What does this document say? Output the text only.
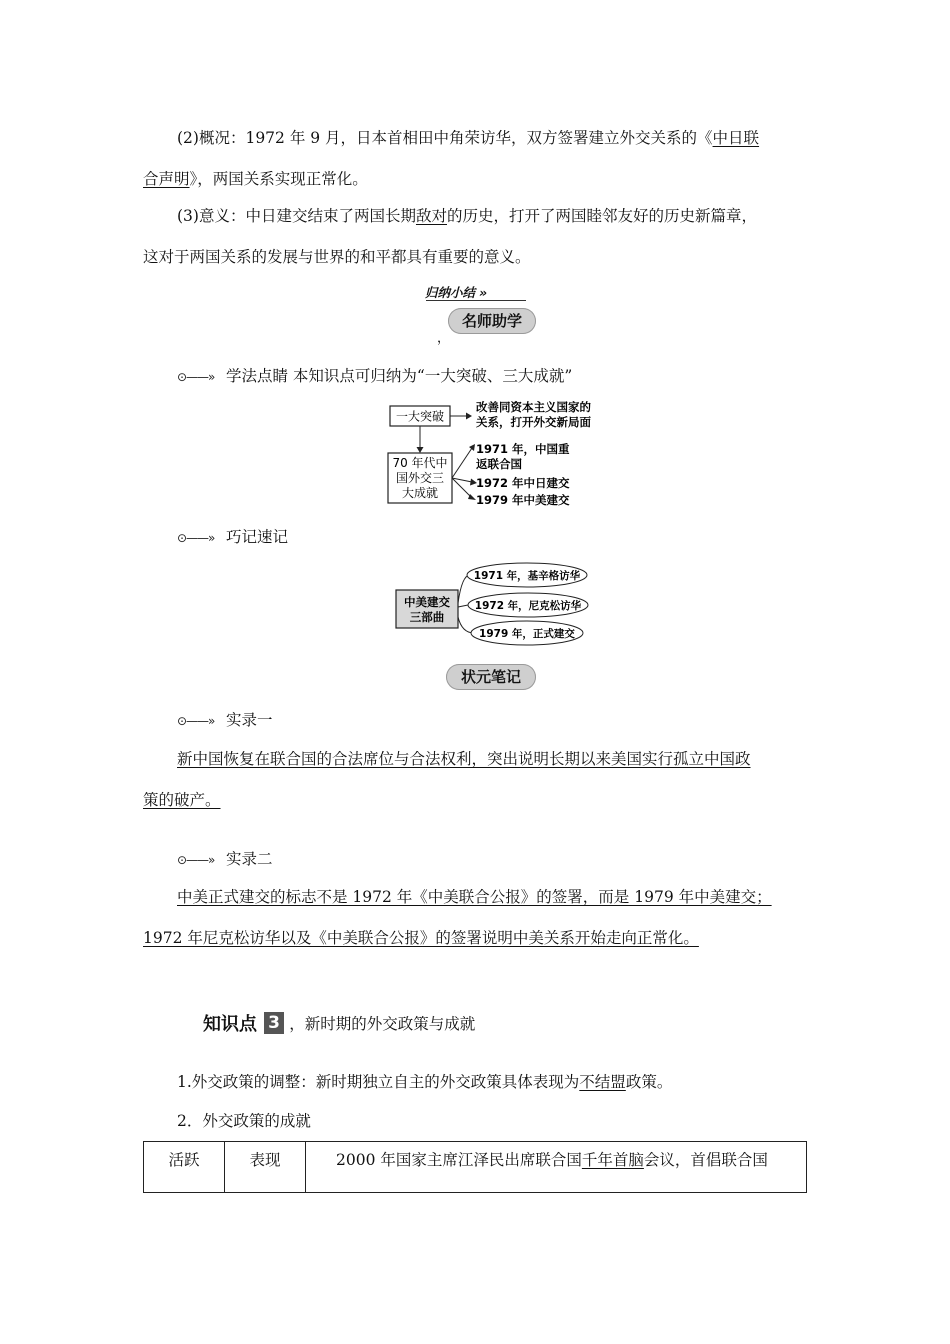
(2)概况：1972 年 9 月，日本首相田中角荣访华，双方签署建立外交关系的《中日联
合声明》，两国关系实现正常化。
(3)意义：中日建交结束了两国长期敌对的历史，打开了两国睦邻友好的历史新篇章，
这对于两国关系的发展与世界的和平都具有重要的意义。
归纳小结 »
名师助学
，
⊙——» 学法点睛 本知识点可归纳为“一大突破、三大成就”
一大突破
改善同资本主义国家的
关系，打开外交新局面
70 年代中
国外交三
大成就
1971 年，中国重
返联合国
1972 年中日建交
1979 年中美建交
⊙——» 巧记速记
中美建交
三部曲
1971 年，基辛格访华
1972 年，尼克松访华
1979 年，正式建交
状元笔记
⊙——» 实录一
新中国恢复在联合国的合法席位与合法权利，突出说明长期以来美国实行孤立中国政
策的破产。
⊙——» 实录二
中美正式建交的标志不是 1972 年《中美联合公报》的签署，而是 1979 年中美建交；
1972 年尼克松访华以及《中美联合公报》的签署说明中美关系开始走向正常化。
知识点 3 ，新时期的外交政策与成就
1.外交政策的调整：新时期独立自主的外交政策具体表现为不结盟政策。
2．外交政策的成就
活跃	表现	2000 年国家主席江泽民出席联合国千年首脑会议，首倡联合国
